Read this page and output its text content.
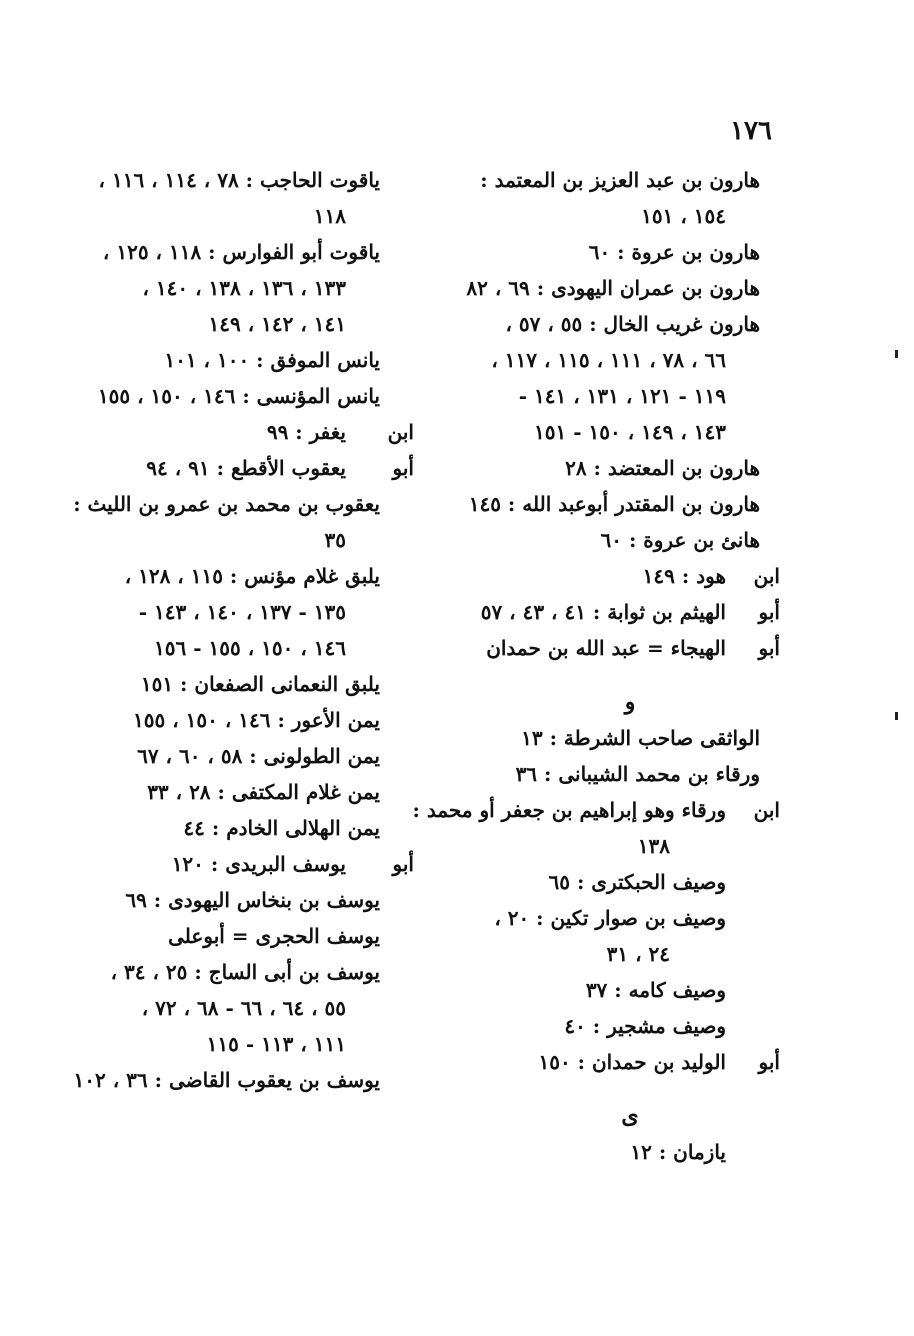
١٧٦
هارون بن عبد العزيز بن المعتمد :
١٥٤ ، ١٥١
هارون بن عروة : ٦٠
هارون بن عمران اليهودى : ٦٩ ، ٨٢
هارون غريب الخال : ٥٥ ، ٥٧ ،
٦٦ ، ٧٨ ، ١١١ ، ١١٥ ، ١١٧ ،
١١٩ - ١٢١ ، ١٣١ ، ١٤١ -
١٤٣ ، ١٤٩ ، ١٥٠ - ١٥١
هارون بن المعتضد : ٢٨
هارون بن المقتدر أبوعبد الله : ١٤٥
هانئ بن عروة : ٦٠
ابن
هود : ١٤٩
أبو
الهيثم بن ثوابة : ٤١ ، ٤٣ ، ٥٧
أبو
الهيجاء = عبد الله بن حمدان
و
الواثقى صاحب الشرطة : ١٣
ورقاء بن محمد الشيبانى : ٣٦
ابن
ورقاء وهو إبراهيم بن جعفر أو محمد :
١٣٨
وصيف الحبكترى : ٦٥
وصيف بن صوار تكين : ٢٠ ،
٢٤ ، ٣١
وصيف كامه : ٣٧
وصيف مشجير : ٤٠
أبو
الوليد بن حمدان : ١٥٠
ى
يازمان : ١٢
ياقوت الحاجب : ٧٨ ، ١١٤ ، ١١٦ ،
١١٨
ياقوت أبو الفوارس : ١١٨ ، ١٢٥ ،
١٣٣ ، ١٣٦ ، ١٣٨ ، ١٤٠ ،
١٤١ ، ١٤٢ ، ١٤٩
يانس الموفق : ١٠٠ ، ١٠١
يانس المؤنسى : ١٤٦ ، ١٥٠ ، ١٥٥
ابن
يغفر : ٩٩
أبو
يعقوب الأقطع : ٩١ ، ٩٤
يعقوب بن محمد بن عمرو بن الليث :
٣٥
يلبق غلام مؤنس : ١١٥ ، ١٢٨ ،
١٣٥ - ١٣٧ ، ١٤٠ ، ١٤٣ -
١٤٦ ، ١٥٠ ، ١٥٥ - ١٥٦
يلبق النعمانى الصفعان : ١٥١
يمن الأعور : ١٤٦ ، ١٥٠ ، ١٥٥
يمن الطولونى : ٥٨ ، ٦٠ ، ٦٧
يمن غلام المكتفى : ٢٨ ، ٣٣
يمن الهلالى الخادم : ٤٤
أبو
يوسف البريدى : ١٢٠
يوسف بن بنخاس اليهودى : ٦٩
يوسف الحجرى = أبوعلى
يوسف بن أبى الساج : ٢٥ ، ٣٤ ،
٥٥ ، ٦٤ ، ٦٦ - ٦٨ ، ٧٢ ،
١١١ ، ١١٣ - ١١٥
يوسف بن يعقوب القاضى : ٣٦ ، ١٠٢
